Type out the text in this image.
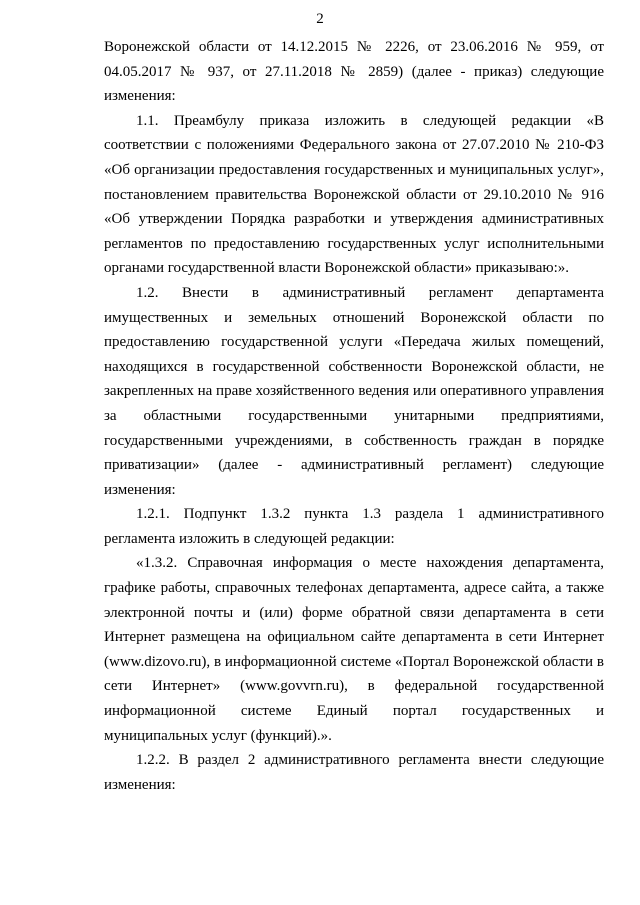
2

Воронежской области от 14.12.2015 № 2226, от 23.06.2016 № 959, от 04.05.2017 № 937, от 27.11.2018 № 2859) (далее - приказ) следующие изменения:

1.1. Преамбулу приказа изложить в следующей редакции «В соответствии с положениями Федерального закона от 27.07.2010 № 210-ФЗ «Об организации предоставления государственных и муниципальных услуг», постановлением правительства Воронежской области от 29.10.2010 № 916 «Об утверждении Порядка разработки и утверждения административных регламентов по предоставлению государственных услуг исполнительными органами государственной власти Воронежской области» приказываю:».

1.2. Внести в административный регламент департамента имущественных и земельных отношений Воронежской области по предоставлению государственной услуги «Передача жилых помещений, находящихся в государственной собственности Воронежской области, не закрепленных на праве хозяйственного ведения или оперативного управления за областными государственными унитарными предприятиями, государственными учреждениями, в собственность граждан в порядке приватизации» (далее - административный регламент) следующие изменения:

1.2.1. Подпункт 1.3.2 пункта 1.3 раздела 1 административного регламента изложить в следующей редакции:

«1.3.2. Справочная информация о месте нахождения департамента, графике работы, справочных телефонах департамента, адресе сайта, а также электронной почты и (или) форме обратной связи департамента в сети Интернет размещена на официальном сайте департамента в сети Интернет (www.dizovo.ru), в информационной системе «Портал Воронежской области в сети Интернет» (www.govvrn.ru), в федеральной государственной информационной системе Единый портал государственных и муниципальных услуг (функций).».

1.2.2. В раздел 2 административного регламента внести следующие изменения:
